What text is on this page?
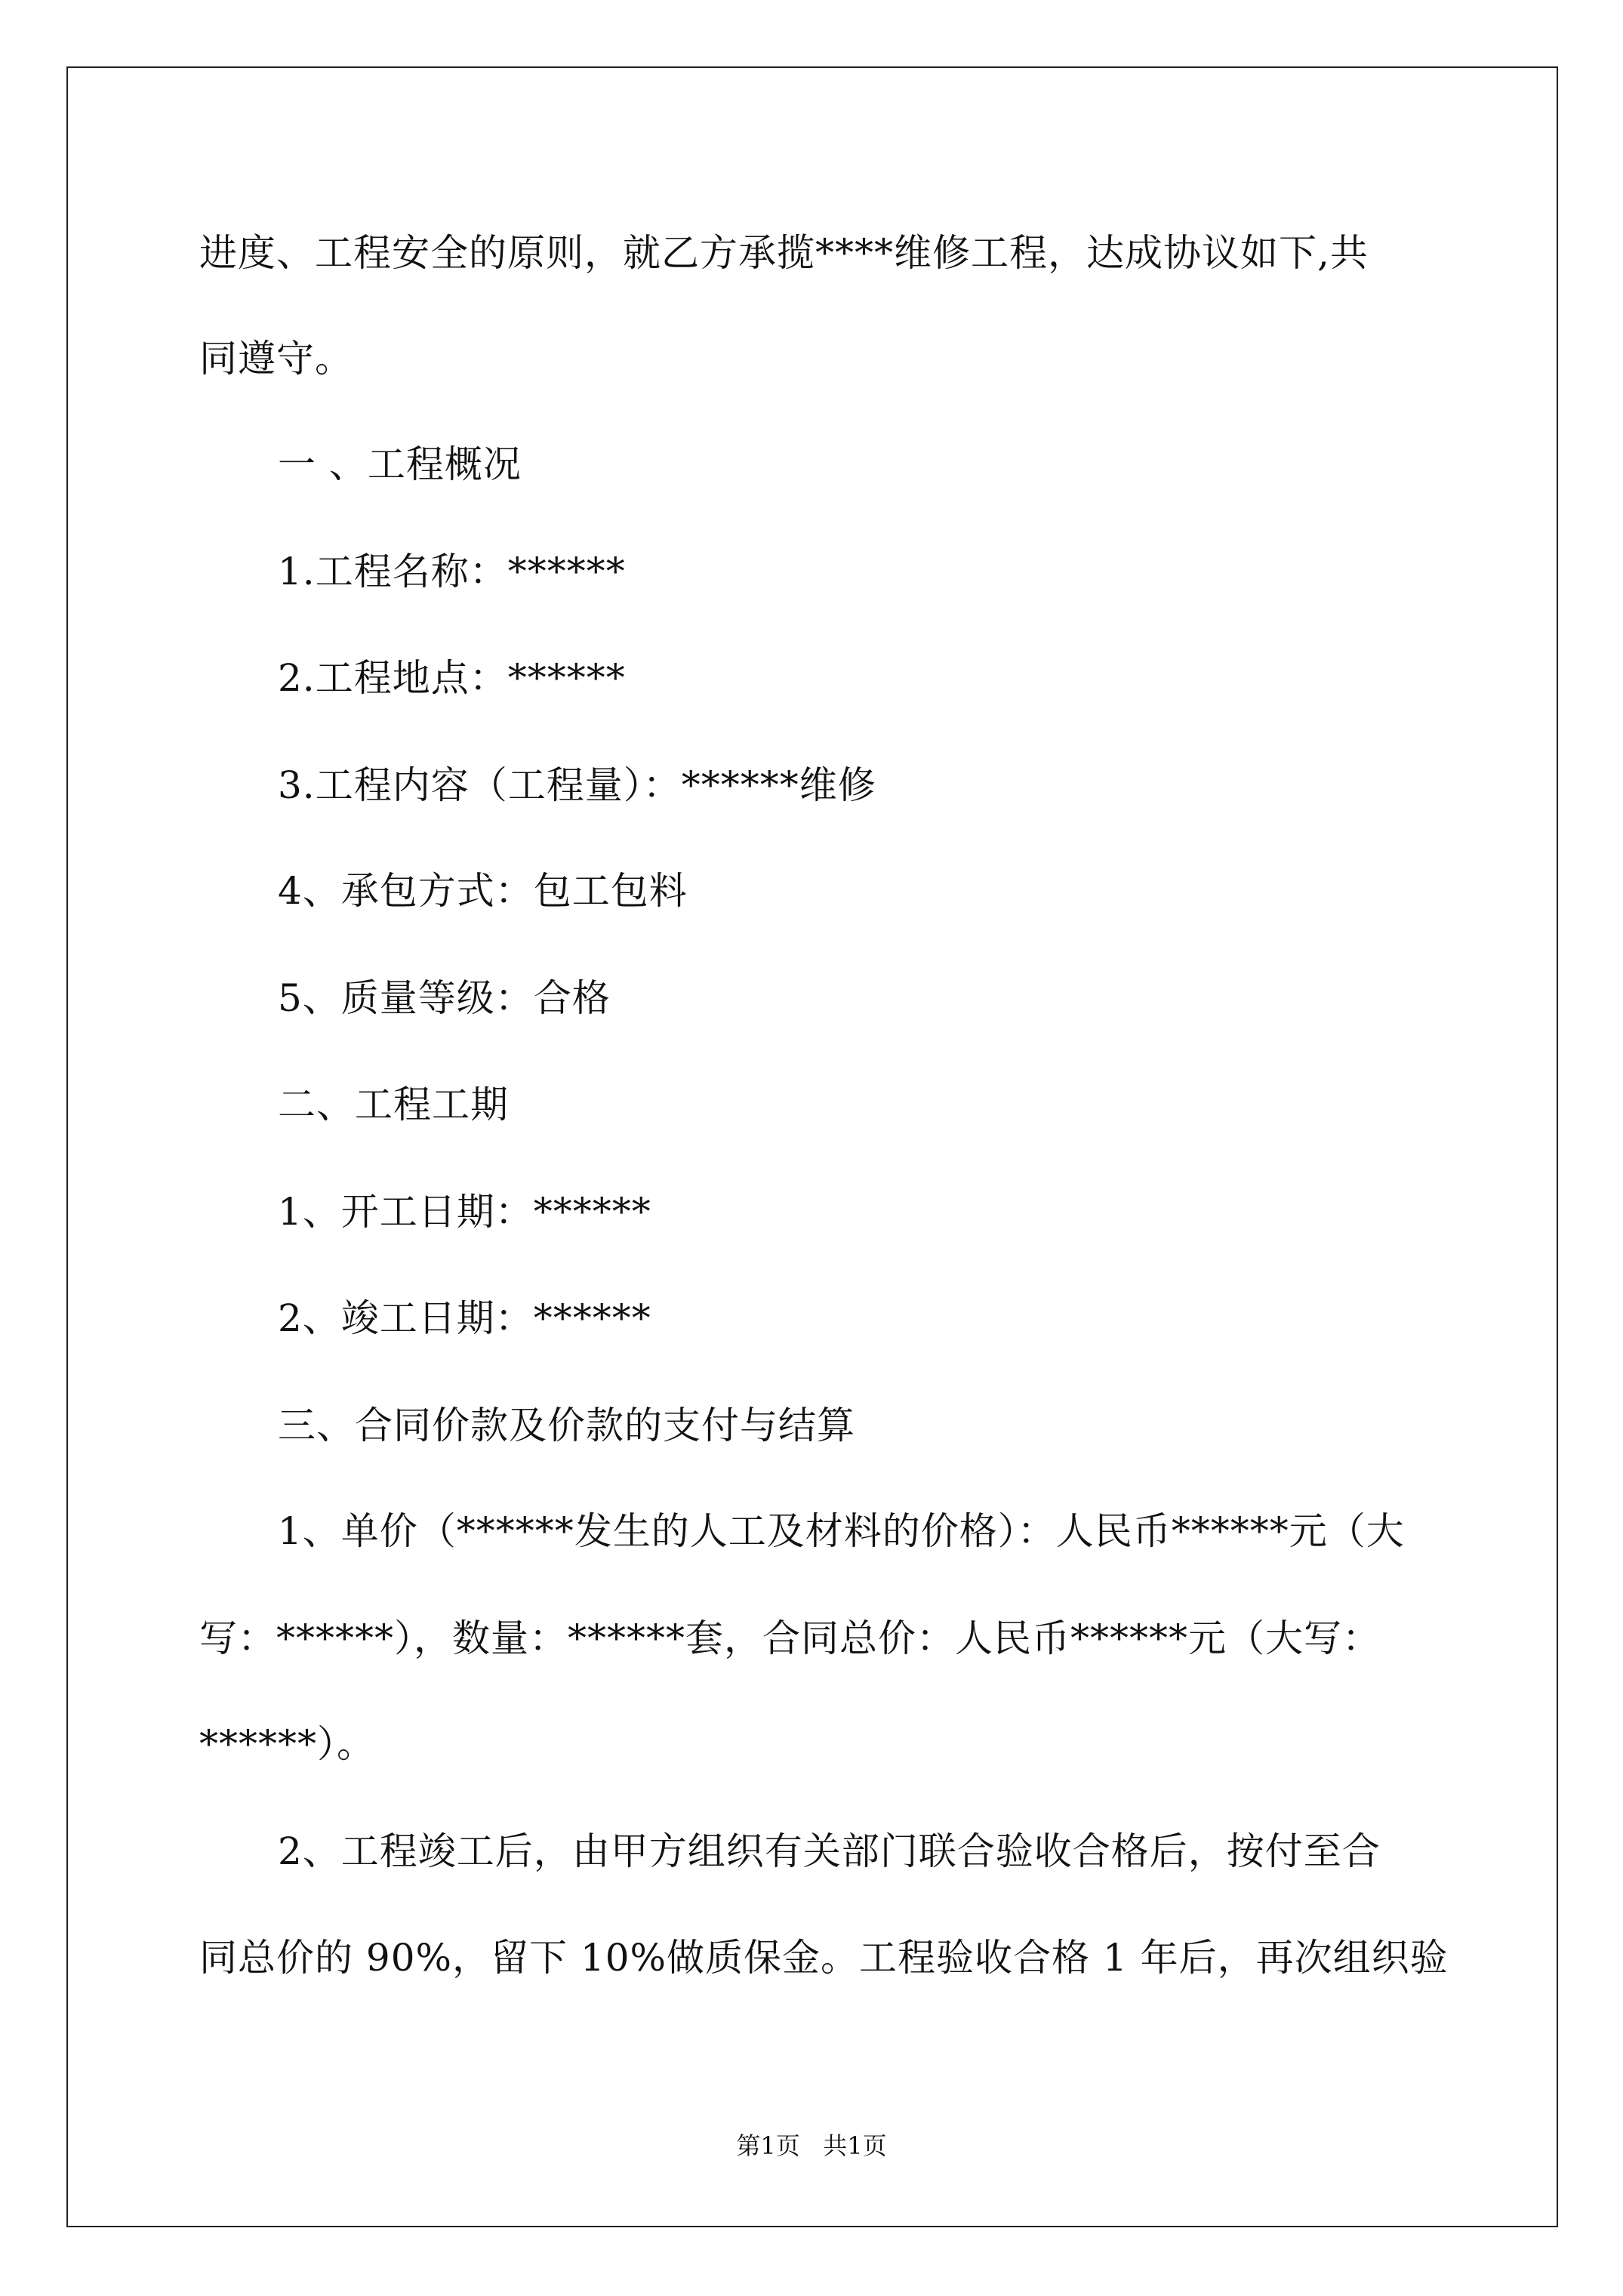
进度、工程安全的原则，就乙方承揽****维修工程，达成协议如下,共
同遵守。
一 、工程概况
1.工程名称：******
2.工程地点：******
3.工程内容（工程量）：******维修
4、承包方式：包工包料
5、质量等级：合格
二、工程工期
1、开工日期：******
2、竣工日期：******
三、合同价款及价款的支付与结算
1、单价（******发生的人工及材料的价格）：人民币******元（大
写：******），数量：******套，合同总价：人民币******元（大写：
******）。
2、工程竣工后，由甲方组织有关部门联合验收合格后，按付至合
同总价的 90%，留下 10%做质保金。工程验收合格 1 年后，再次组织验
第1页   共1页
